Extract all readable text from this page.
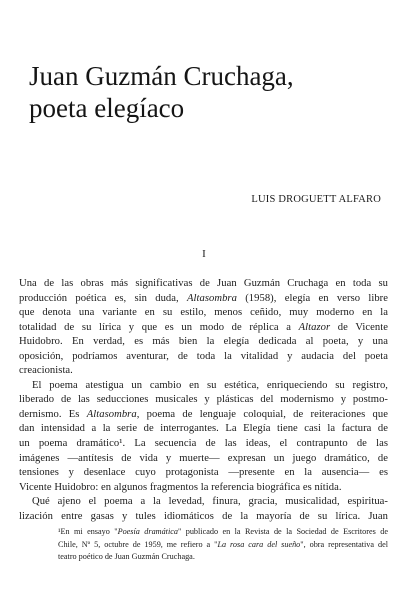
Juan Guzmán Cruchaga,
poeta elegíaco
LUIS DROGUETT ALFARO
I
Una de las obras más significativas de Juan Guzmán Cruchaga en toda su
producción poética es, sin duda, Altasombra (1958), elegía en verso libre
que denota una variante en su estilo, menos ceñido, muy moderno en la
totalidad de su lírica y que es un modo de réplica a Altazor de Vicente
Huidobro. En verdad, es más bien la elegía dedicada al poeta, y una
oposición, podríamos aventurar, de toda la vitalidad y audacia del poeta
creacionista.
El poema atestigua un cambio en su estética, enriqueciendo su registro,
liberado de las seducciones musicales y plásticas del modernismo y postmo-
dernismo. Es Altasombra, poema de lenguaje coloquial, de reiteraciones que
dan intensidad a la serie de interrogantes. La Elegía tiene casi la factura de
un poema dramático¹. La secuencia de las ideas, el contrapunto de las
imágenes —antítesis de vida y muerte— expresan un juego dramático, de
tensiones y desenlace cuyo protagonista —presente en la ausencia— es
Vicente Huidobro: en algunos fragmentos la referencia biográfica es nítida.
Qué ajeno el poema a la levedad, finura, gracia, musicalidad, espiritua-
lización entre gasas y tules idiomáticos de la mayoría de su lírica. Juan
¹En mi ensayo "Poesía dramática" publicado en la Revista de la Sociedad de Escritores de
Chile, Nº 5, octubre de 1959, me refiero a "La rosa cara del sueño", obra representativa del
teatro poético de Juan Guzmán Cruchaga.
